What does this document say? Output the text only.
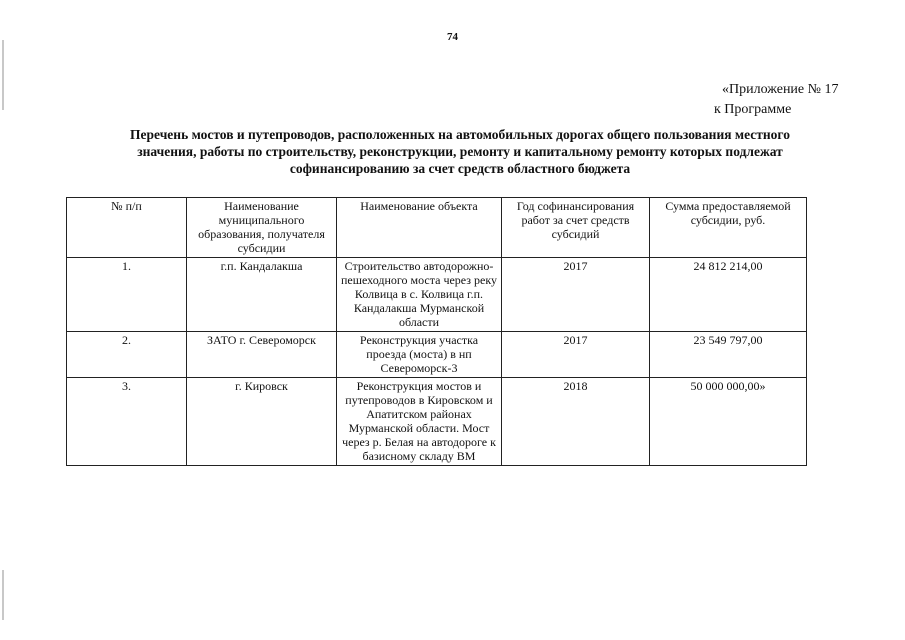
74
«Приложение № 17
к Программе
Перечень мостов и путепроводов, расположенных на автомобильных дорогах общего пользования местного
значения, работы по строительству, реконструкции, ремонту и капитальному ремонту которых подлежат
софинансированию за счет средств областного бюджета
№ п/п	Наименование муниципального образования, получателя субсидии	Наименование объекта	Год софинансирования работ за счет средств субсидий	Сумма предоставляемой субсидии, руб.
1.	г.п. Кандалакша	Строительство автодорожно-пешеходного моста через реку Колвица в с. Колвица г.п. Кандалакша Мурманской области	2017	24 812 214,00
2.	ЗАТО г. Североморск	Реконструкция участка проезда (моста) в нп Североморск-3	2017	23 549 797,00
3.	г. Кировск	Реконструкция мостов и путепроводов в Кировском и Апатитском районах Мурманской области. Мост через р. Белая на автодороге к базисному складу ВМ	2018	50 000 000,00»
